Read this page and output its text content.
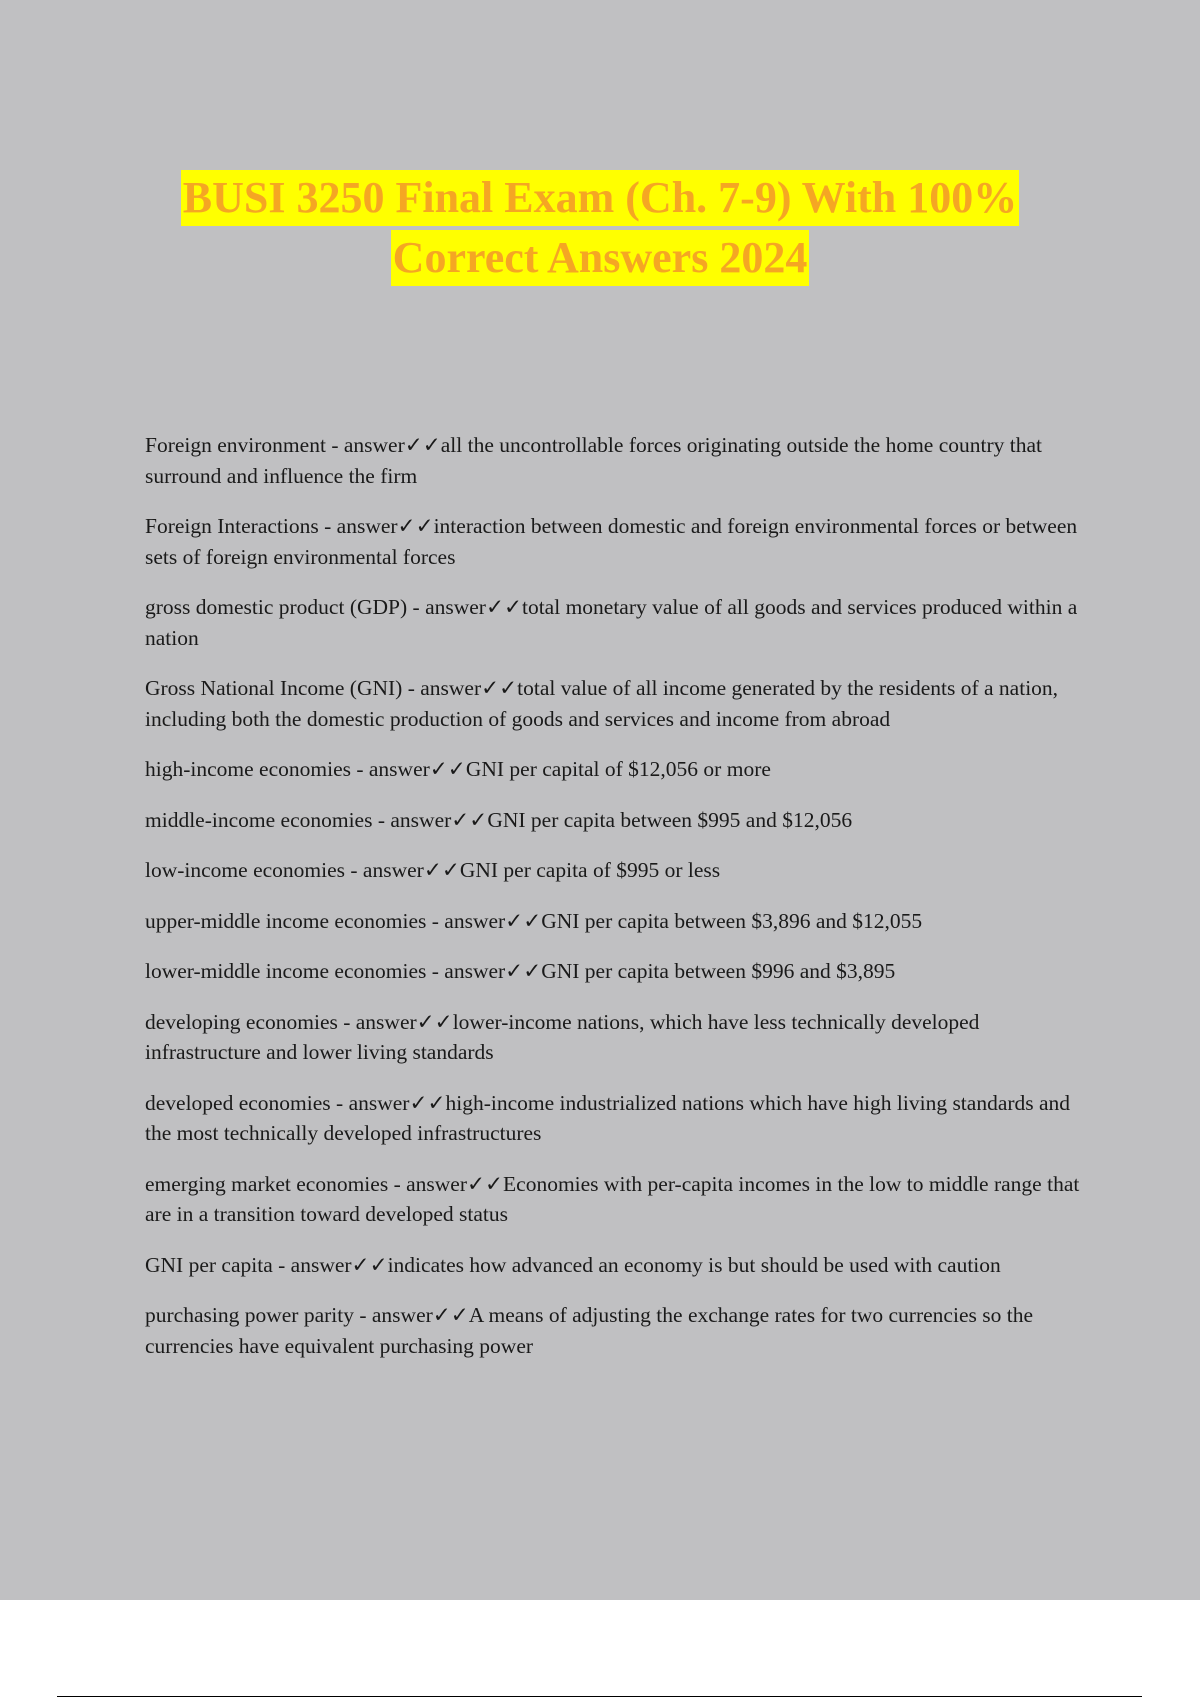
BUSI 3250 Final Exam (Ch. 7-9) With 100%
Correct Answers 2024

Foreign environment - answer✓✓all the uncontrollable forces originating outside the home country that surround and influence the firm

Foreign Interactions - answer✓✓interaction between domestic and foreign environmental forces or between sets of foreign environmental forces

gross domestic product (GDP) - answer✓✓total monetary value of all goods and services produced within a nation

Gross National Income (GNI) - answer✓✓total value of all income generated by the residents of a nation, including both the domestic production of goods and services and income from abroad

high-income economies - answer✓✓GNI per capital of $12,056 or more

middle-income economies - answer✓✓GNI per capita between $995 and $12,056

low-income economies - answer✓✓GNI per capita of $995 or less

upper-middle income economies - answer✓✓GNI per capita between $3,896 and $12,055

lower-middle income economies - answer✓✓GNI per capita between $996 and $3,895

developing economies - answer✓✓lower-income nations, which have less technically developed infrastructure and lower living standards

developed economies - answer✓✓high-income industrialized nations which have high living standards and the most technically developed infrastructures

emerging market economies - answer✓✓Economies with per-capita incomes in the low to middle range that are in a transition toward developed status

GNI per capita - answer✓✓indicates how advanced an economy is but should be used with caution

purchasing power parity - answer✓✓A means of adjusting the exchange rates for two currencies so the currencies have equivalent purchasing power
